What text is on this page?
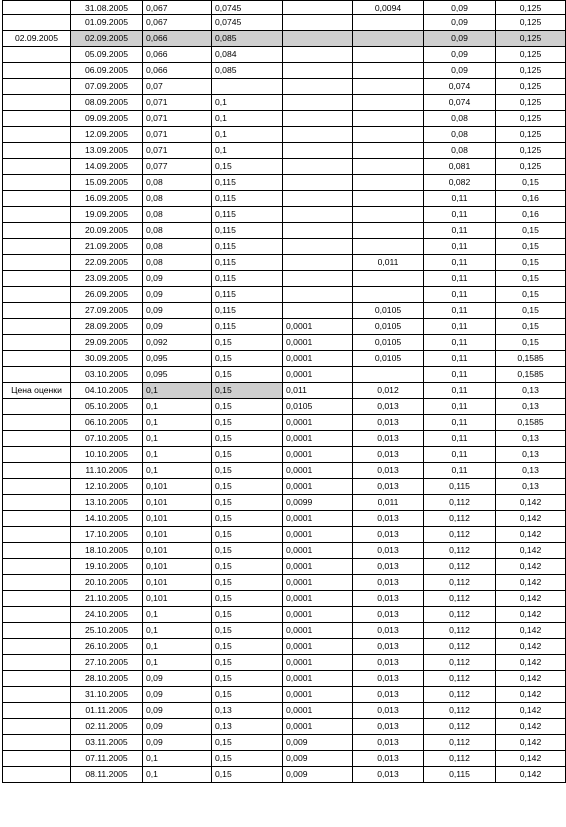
	31.08.2005	0,067	0,0745		0,0094	0,09	0,125
	01.09.2005	0,067	0,0745			0,09	0,125
02.09.2005	02.09.2005	0,066	0,085			0,09	0,125
	05.09.2005	0,066	0,084			0,09	0,125
	06.09.2005	0,066	0,085			0,09	0,125
	07.09.2005	0,07				0,074	0,125
	08.09.2005	0,071	0,1			0,074	0,125
	09.09.2005	0,071	0,1			0,08	0,125
	12.09.2005	0,071	0,1			0,08	0,125
	13.09.2005	0,071	0,1			0,08	0,125
	14.09.2005	0,077	0,15			0,081	0,125
	15.09.2005	0,08	0,115			0,082	0,15
	16.09.2005	0,08	0,115			0,11	0,16
	19.09.2005	0,08	0,115			0,11	0,16
	20.09.2005	0,08	0,115			0,11	0,15
	21.09.2005	0,08	0,115			0,11	0,15
	22.09.2005	0,08	0,115		0,011	0,11	0,15
	23.09.2005	0,09	0,115			0,11	0,15
	26.09.2005	0,09	0,115			0,11	0,15
	27.09.2005	0,09	0,115		0,0105	0,11	0,15
	28.09.2005	0,09	0,115	0,0001	0,0105	0,11	0,15
	29.09.2005	0,092	0,15	0,0001	0,0105	0,11	0,15
	30.09.2005	0,095	0,15	0,0001	0,0105	0,11	0,1585
	03.10.2005	0,095	0,15	0,0001		0,11	0,1585
Цена оценки	04.10.2005	0,1	0,15	0,011	0,012	0,11	0,13
	05.10.2005	0,1	0,15	0,0105	0,013	0,11	0,13
	06.10.2005	0,1	0,15	0,0001	0,013	0,11	0,1585
	07.10.2005	0,1	0,15	0,0001	0,013	0,11	0,13
	10.10.2005	0,1	0,15	0,0001	0,013	0,11	0,13
	11.10.2005	0,1	0,15	0,0001	0,013	0,11	0,13
	12.10.2005	0,101	0,15	0,0001	0,013	0,115	0,13
	13.10.2005	0,101	0,15	0,0099	0,011	0,112	0,142
	14.10.2005	0,101	0,15	0,0001	0,013	0,112	0,142
	17.10.2005	0,101	0,15	0,0001	0,013	0,112	0,142
	18.10.2005	0,101	0,15	0,0001	0,013	0,112	0,142
	19.10.2005	0,101	0,15	0,0001	0,013	0,112	0,142
	20.10.2005	0,101	0,15	0,0001	0,013	0,112	0,142
	21.10.2005	0,101	0,15	0,0001	0,013	0,112	0,142
	24.10.2005	0,1	0,15	0,0001	0,013	0,112	0,142
	25.10.2005	0,1	0,15	0,0001	0,013	0,112	0,142
	26.10.2005	0,1	0,15	0,0001	0,013	0,112	0,142
	27.10.2005	0,1	0,15	0,0001	0,013	0,112	0,142
	28.10.2005	0,09	0,15	0,0001	0,013	0,112	0,142
	31.10.2005	0,09	0,15	0,0001	0,013	0,112	0,142
	01.11.2005	0,09	0,13	0,0001	0,013	0,112	0,142
	02.11.2005	0,09	0,13	0,0001	0,013	0,112	0,142
	03.11.2005	0,09	0,15	0,009	0,013	0,112	0,142
	07.11.2005	0,1	0,15	0,009	0,013	0,112	0,142
	08.11.2005	0,1	0,15	0,009	0,013	0,115	0,142
